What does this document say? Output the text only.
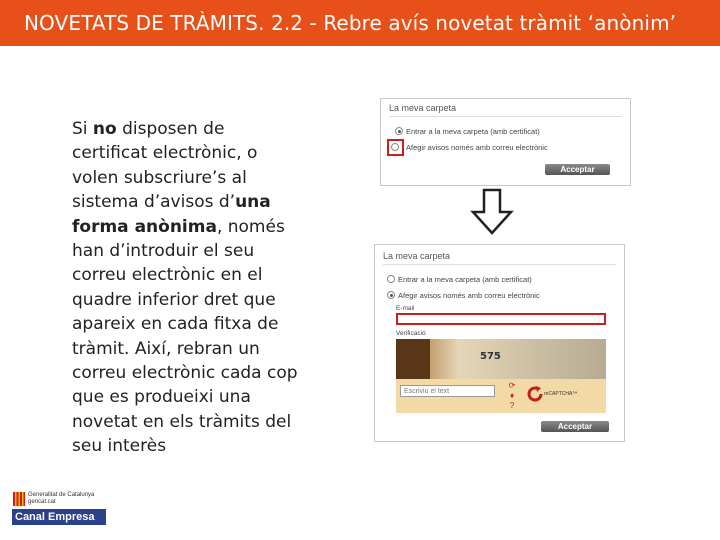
NOVETATS DE TRÀMITS. 2.2 - Rebre avís novetat tràmit ‘anònim’
Si no disposen de certificat electrònic, o volen subscriure’s al sistema d’avisos d’una forma anònima, només han d’introduir el seu correu electrònic en el quadre inferior dret que apareix en cada fitxa de tràmit. Així, rebran un correu electrònic cada cop que es produeixi una novetat en els tràmits del seu interès
La meva carpeta
Entrar a la meva carpeta (amb certificat)
Afegir avisos només amb correu electrònic
Acceptar
La meva carpeta
Entrar a la meva carpeta (amb certificat)
Afegir avisos només amb correu electrònic
E-mail
Verificació
575
Escriviu el text
⟳
♦
?
reCAPTCHA™
Acceptar
Generalitat de Catalunya
gencat.cat
Canal Empresa
